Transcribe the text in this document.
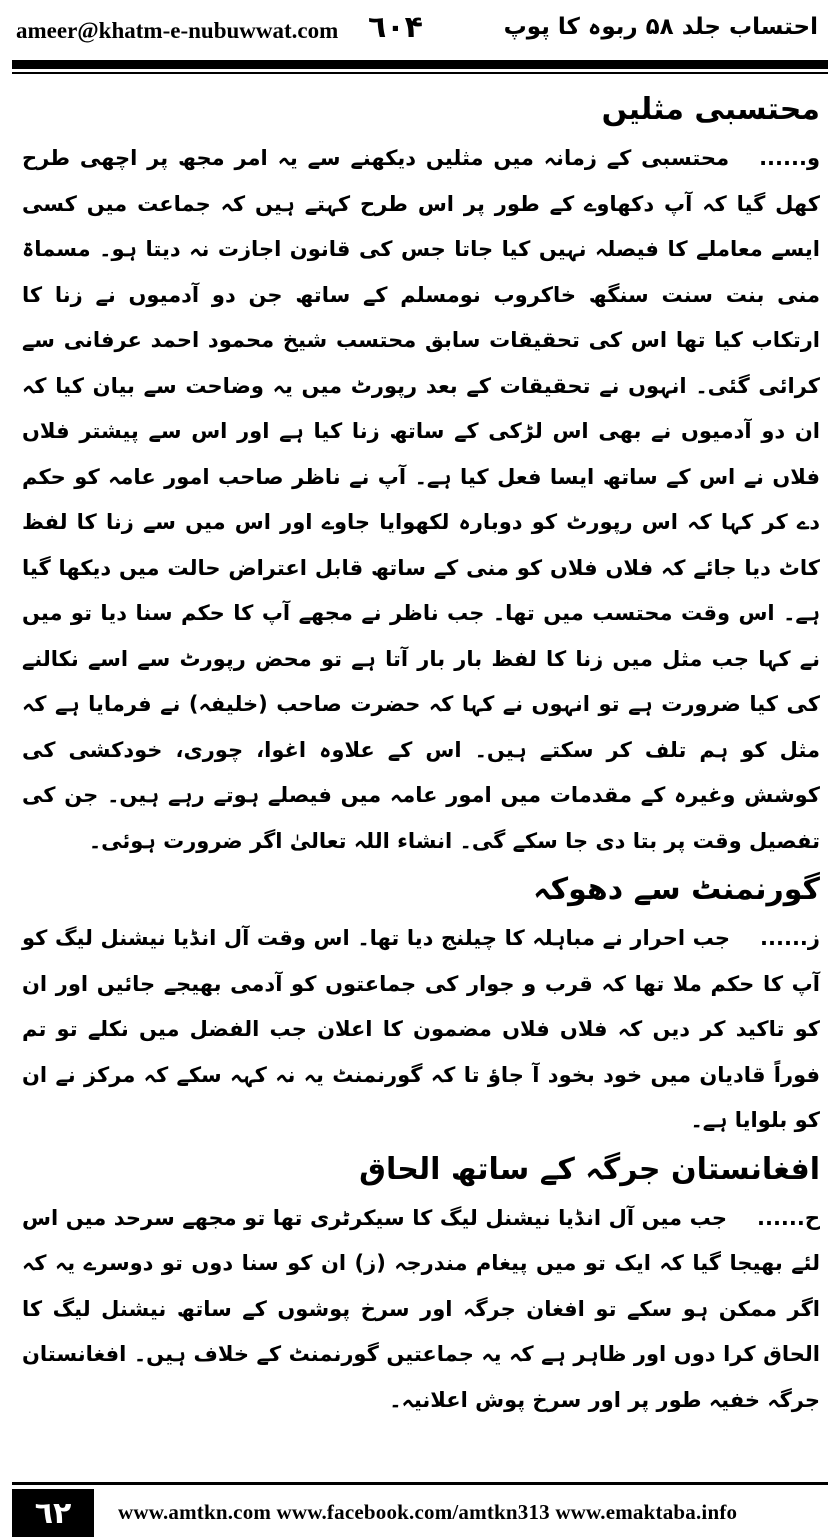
ameer@khatm-e-nubuwwat.com ٦٠۴	احتساب جلد ۵۸ ربوہ کا پوپ
محتسبی مثلیں

و......محتسبی کے زمانہ میں مثلیں دیکھنے سے یہ امر مجھ پر اچھی طرح کھل گیا کہ آپ دکھاوے کے طور پر اس طرح کہتے ہیں کہ جماعت میں کسی ایسے معاملے کا فیصلہ نہیں کیا جاتا جس کی قانون اجازت نہ دیتا ہو۔ مسماۃ منی بنت سنت سنگھ خاکروب نومسلم کے ساتھ جن دو آدمیوں نے زنا کا ارتکاب کیا تھا اس کی تحقیقات سابق محتسب شیخ محمود احمد عرفانی سے کرائی گئی۔ انہوں نے تحقیقات کے بعد رپورٹ میں یہ وضاحت سے بیان کیا کہ ان دو آدمیوں نے بھی اس لڑکی کے ساتھ زنا کیا ہے اور اس سے پیشتر فلاں فلاں نے اس کے ساتھ ایسا فعل کیا ہے۔ آپ نے ناظر صاحب امور عامہ کو حکم دے کر کہا کہ اس رپورٹ کو دوبارہ لکھوایا جاوے اور اس میں سے زنا کا لفظ کاٹ دیا جائے کہ فلاں فلاں کو منی کے ساتھ قابل اعتراض حالت میں دیکھا گیا ہے۔ اس وقت محتسب میں تھا۔ جب ناظر نے مجھے آپ کا حکم سنا دیا تو میں نے کہا جب مثل میں زنا کا لفظ بار بار آتا ہے تو محض رپورٹ سے اسے نکالنے کی کیا ضرورت ہے تو انہوں نے کہا کہ حضرت صاحب (خلیفہ) نے فرمایا ہے کہ مثل کو ہم تلف کر سکتے ہیں۔ اس کے علاوہ اغوا، چوری، خودکشی کی کوشش وغیرہ کے مقدمات میں امور عامہ میں فیصلے ہوتے رہے ہیں۔ جن کی تفصیل وقت پر بتا دی جا سکے گی۔ انشاء اللہ تعالیٰ اگر ضرورت ہوئی۔

گورنمنٹ سے دھوکہ

ز......جب احرار نے مباہلہ کا چیلنج دیا تھا۔ اس وقت آل انڈیا نیشنل لیگ کو آپ کا حکم ملا تھا کہ قرب و جوار کی جماعتوں کو آدمی بھیجے جائیں اور ان کو تاکید کر دیں کہ فلاں فلاں مضمون کا اعلان جب الفضل میں نکلے تو تم فوراً قادیان میں خود بخود آ جاؤ تا کہ گورنمنٹ یہ نہ کہہ سکے کہ مرکز نے ان کو بلوایا ہے۔

افغانستان جرگہ کے ساتھ الحاق

ح......جب میں آل انڈیا نیشنل لیگ کا سیکرٹری تھا تو مجھے سرحد میں اس لئے بھیجا گیا کہ ایک تو میں پیغام مندرجہ (ز) ان کو سنا دوں تو دوسرے یہ کہ اگر ممکن ہو سکے تو افغان جرگہ اور سرخ پوشوں کے ساتھ نیشنل لیگ کا الحاق کرا دوں اور ظاہر ہے کہ یہ جماعتیں گورنمنٹ کے خلاف ہیں۔ افغانستان جرگہ خفیہ طور پر اور سرخ پوش اعلانیہ۔

٦٢	www.amtkn.com www.facebook.com/amtkn313 www.emaktaba.info
